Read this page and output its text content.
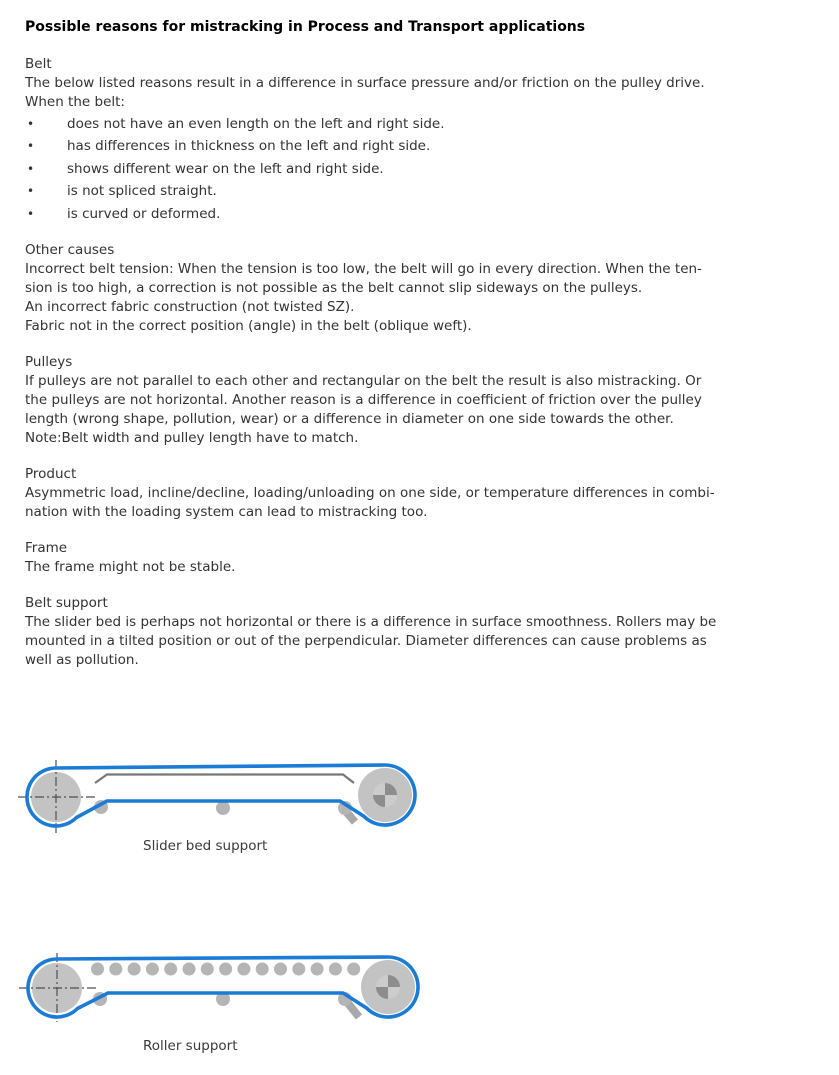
Possible reasons for mistracking in Process and Transport applications
Belt
The below listed reasons result in a difference in surface pressure and/or friction on the pulley drive.
When the belt:
•	does not have an even length on the left and right side.
•	has differences in thickness on the left and right side.
•	shows different wear on the left and right side.
•	is not spliced straight.
•	is curved or deformed.
Other causes
Incorrect belt tension: When the tension is too low, the belt will go in every direction. When the ten-
sion is too high, a correction is not possible as the belt cannot slip sideways on the pulleys.
An incorrect fabric construction (not twisted SZ).
Fabric not in the correct position (angle) in the belt (oblique weft).
Pulleys
If pulleys are not parallel to each other and rectangular on the belt the result is also mistracking. Or
the pulleys are not horizontal. Another reason is a difference in coefficient of friction over the pulley
length (wrong shape, pollution, wear) or a difference in diameter on one side towards the other.
Note:Belt width and pulley length have to match.
Product
Asymmetric load, incline/decline, loading/unloading on one side, or temperature differences in combi-
nation with the loading system can lead to mistracking too.
Frame
The frame might not be stable.
Belt support
The slider bed is perhaps not horizontal or there is a difference in surface smoothness. Rollers may be
mounted in a tilted position or out of the perpendicular. Diameter differences can cause problems as
well as pollution.
Slider bed support
Roller support
